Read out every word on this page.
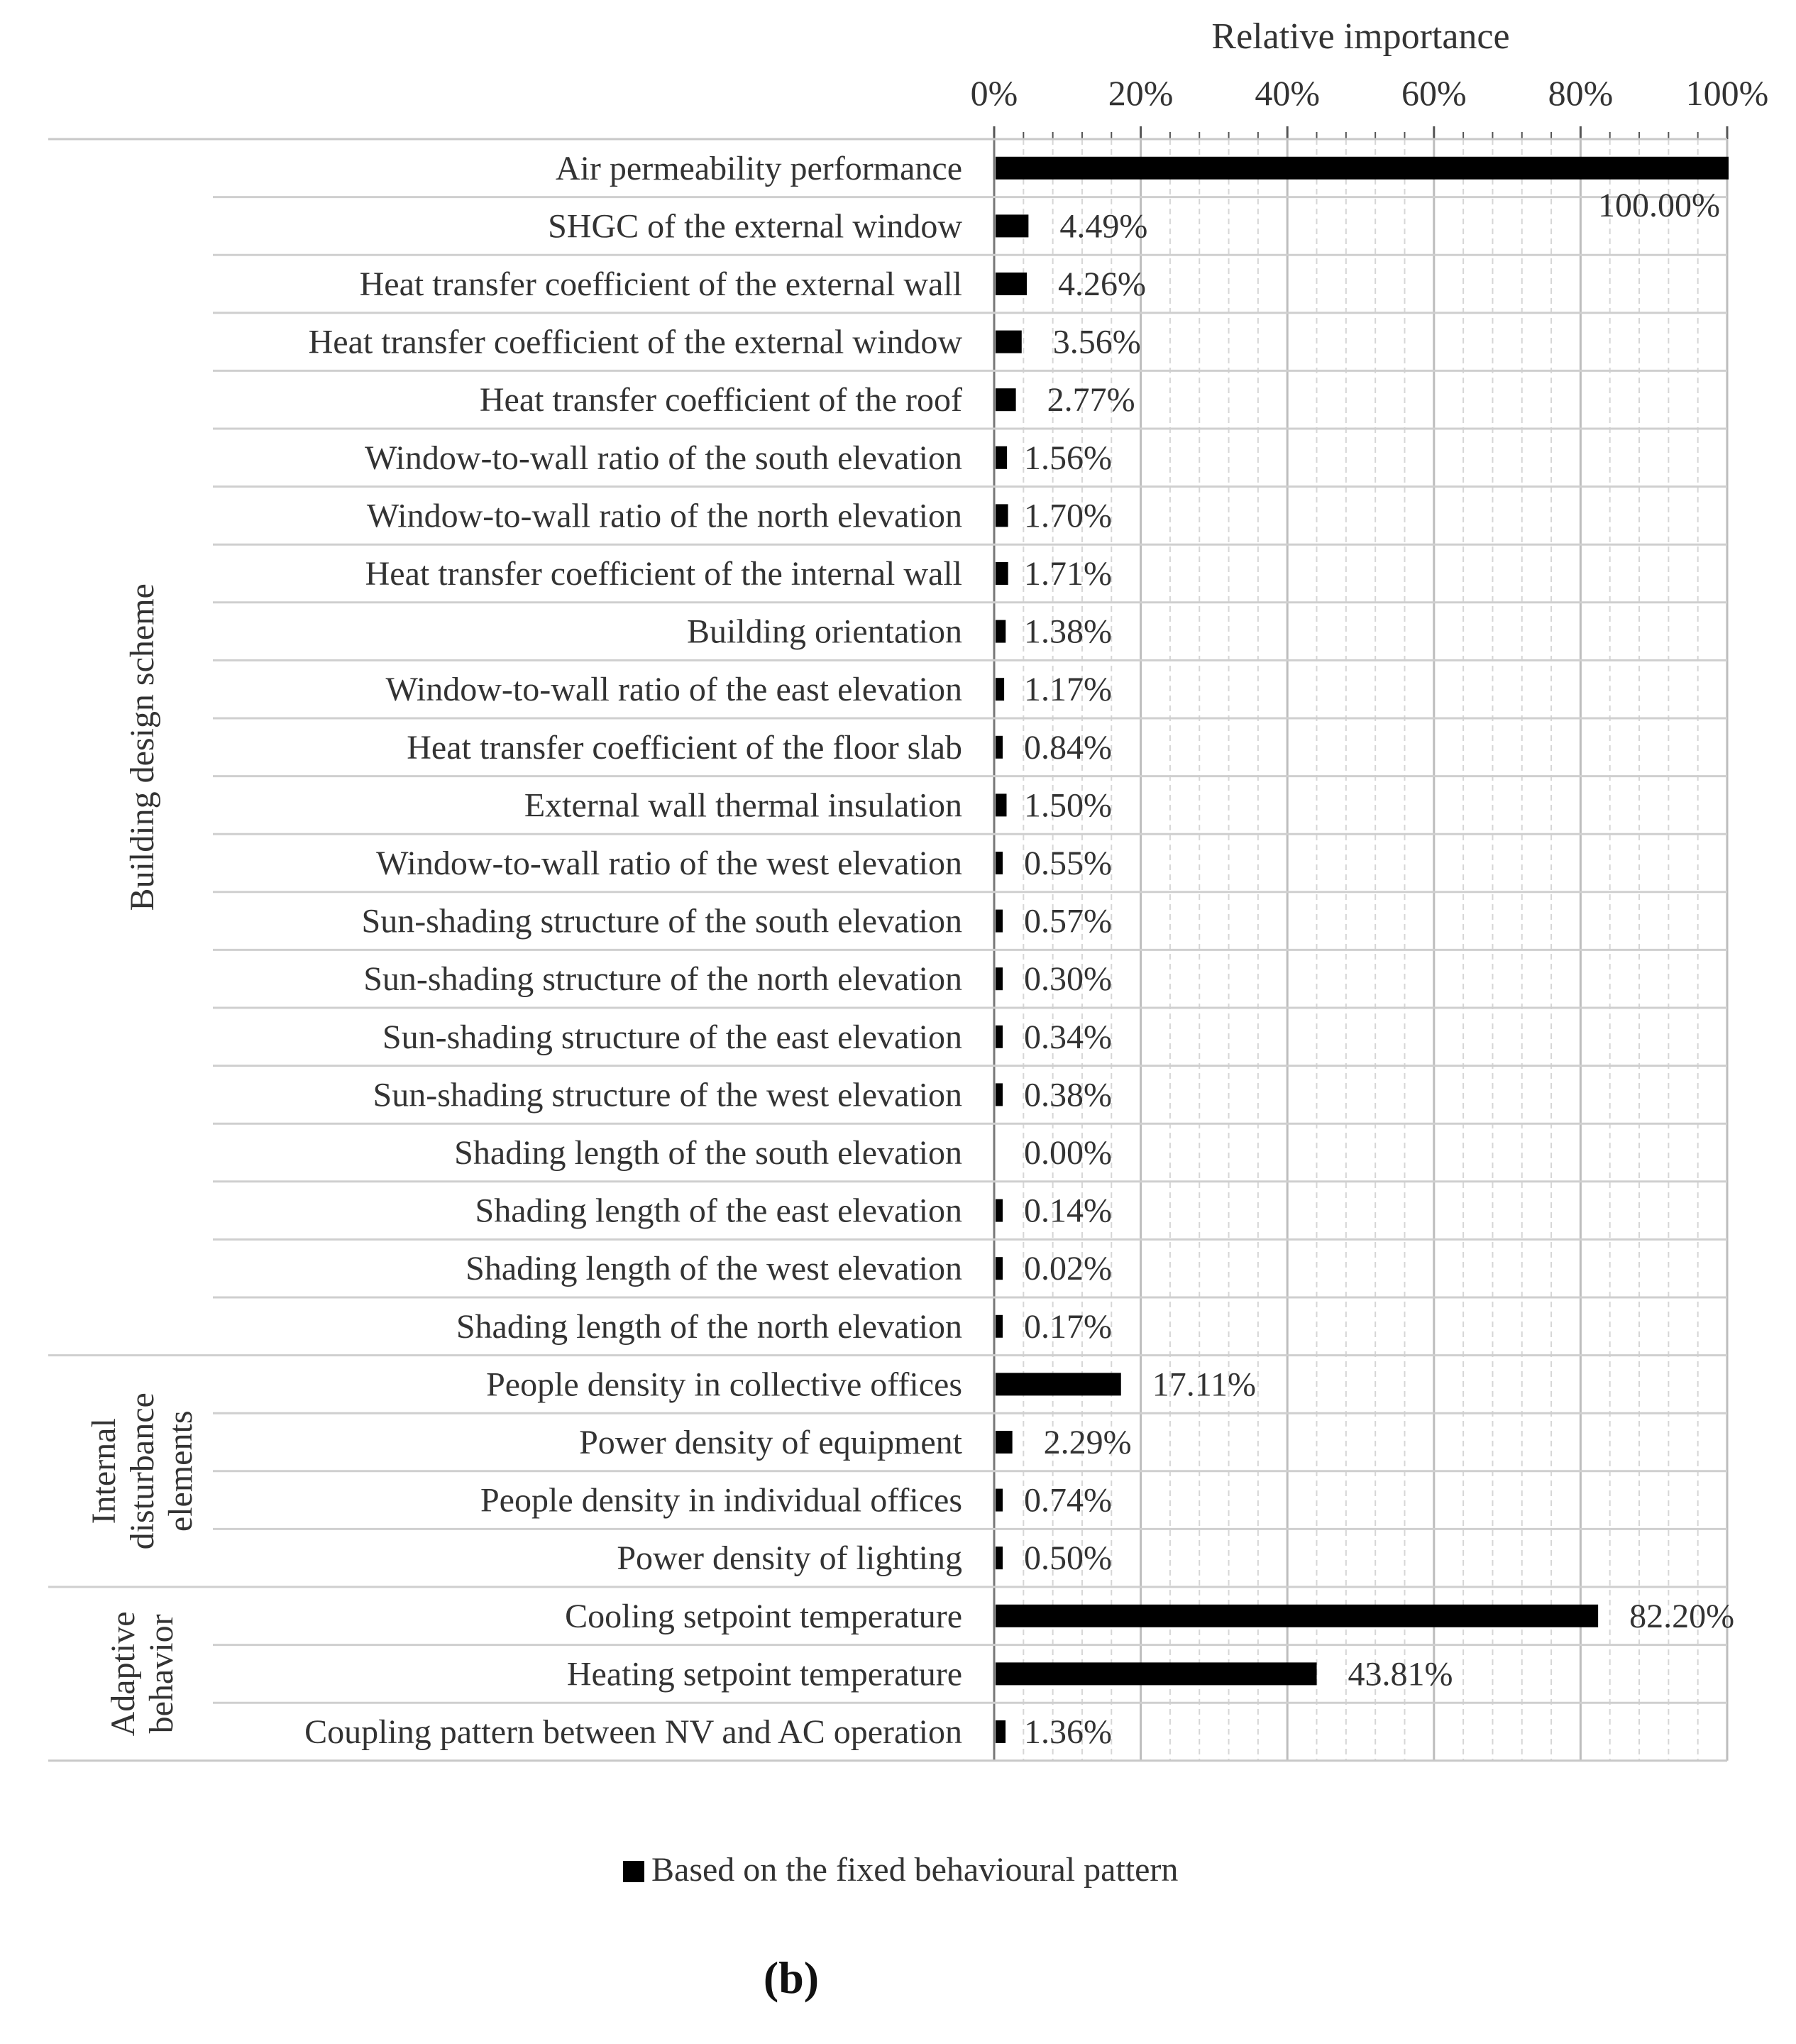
Relative importance
0%	20% 40% 60% 80% 100%
Air permeability performance
100.00%
SHGC of the external window	4.49%
Heat transfer coefficient of the external wall	4.26%
Heat transfer coefficient of the external window	3.56%
Heat transfer coefficient of the roof 2.77%
Window-to-wall ratio of the south elevation 1.56%
Window-to-wall ratio of the north elevation 1.70%
Heat transfer coefficient of the internal wall 1.71%
Building orientation 1.38%
Window-to-wall ratio of the east elevation 1.17%
Heat transfer coefficient of the floor slab 0.84%
External wall thermal insulation 1.50%
Window-to-wall ratio of the west elevation 0.55%
Sun-shading structure of the south elevation 0.57%
Sun-shading structure of the north elevation 0.30%
Sun-shading structure of the east elevation 0.34%
Sun-shading structure of the west elevation 0.38%
Shading length of the south elevation 0.00%
Shading length of the east elevation 0.14%
Shading length of the west elevation 0.02%
Shading length of the north elevation 0.17%
People density in collective offices	17.11%
Power density of equipment 2.29%
People density in individual offices 0.74%
Power density of lighting 0.50%
Cooling setpoint temperature	82.20%
Heating setpoint temperature	43.81%
Coupling pattern between NV and AC operation 1.36%
Building design scheme
Internal disturbance elements
Adaptive behavior
Based on the fixed behavioural pattern
(b)
